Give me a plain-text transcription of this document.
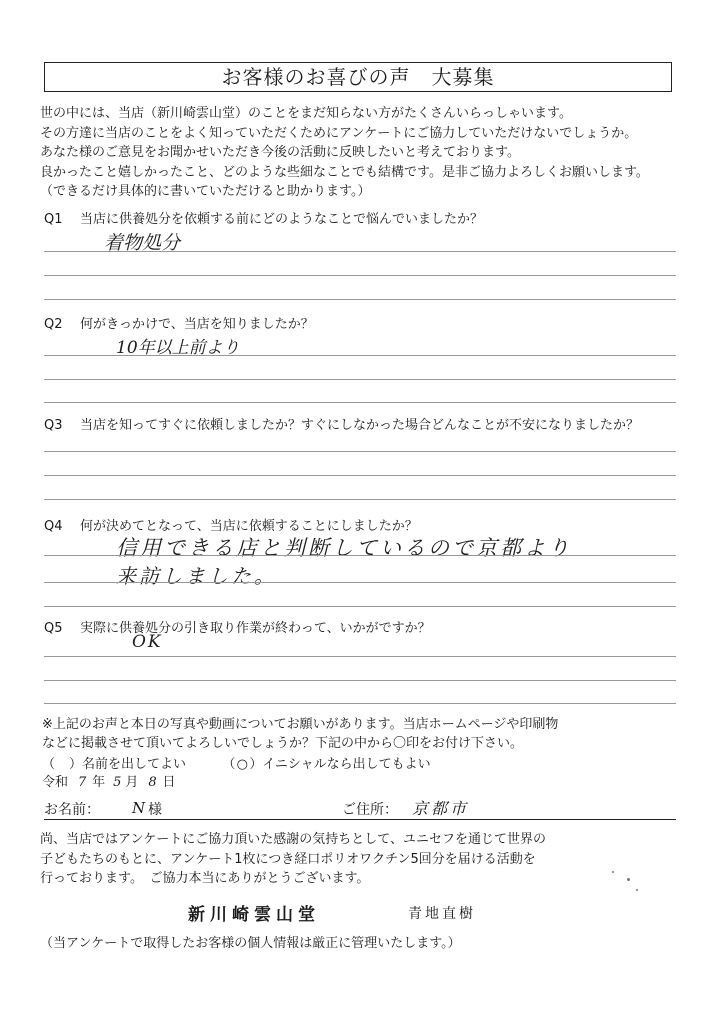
お客様のお喜びの声　大募集
世の中には、当店（新川崎雲山堂）のことをまだ知らない方がたくさんいらっしゃいます。
その方達に当店のことをよく知っていただくためにアンケートにご協力していただけないでしょうか。
あなた様のご意見をお聞かせいただき今後の活動に反映したいと考えております。
良かったこと嬉しかったこと、どのような些細なことでも結構です。是非ご協力よろしくお願いします。
（できるだけ具体的に書いていただけると助かります。）
Q1 当店に供養処分を依頼する前にどのようなことで悩んでいましたか？
着物処分
Q2 何がきっかけで、当店を知りましたか？
10年以上前より
Q3 当店を知ってすぐに依頼しましたか？すぐにしなかった場合どんなことが不安になりましたか？
Q4 何が決めてとなって、当店に依頼することにしましたか？
信用できる店と判断しているので京都より
来訪しました。
Q5 実際に供養処分の引き取り作業が終わって、いかがですか？
OK
※上記のお声と本日の写真や動画についてお願いがあります。当店ホームページや印刷物
などに掲載させて頂いてよろしいでしょうか？下記の中から〇印をお付け下さい。
（ ）名前を出してよい	（○）イニシャルなら出してもよい
令和 7 年 5 月 8 日
お名前： N 様	ご住所： 京都市
尚、当店ではアンケートにご協力頂いた感謝の気持ちとして、ユニセフを通じて世界の
子どもたちのもとに、アンケート1枚につき経口ポリオワクチン5回分を届ける活動を
行っております。　ご協力本当にありがとうございます。
新川崎雲山堂	青地直樹
（当アンケートで取得したお客様の個人情報は厳正に管理いたします。）
